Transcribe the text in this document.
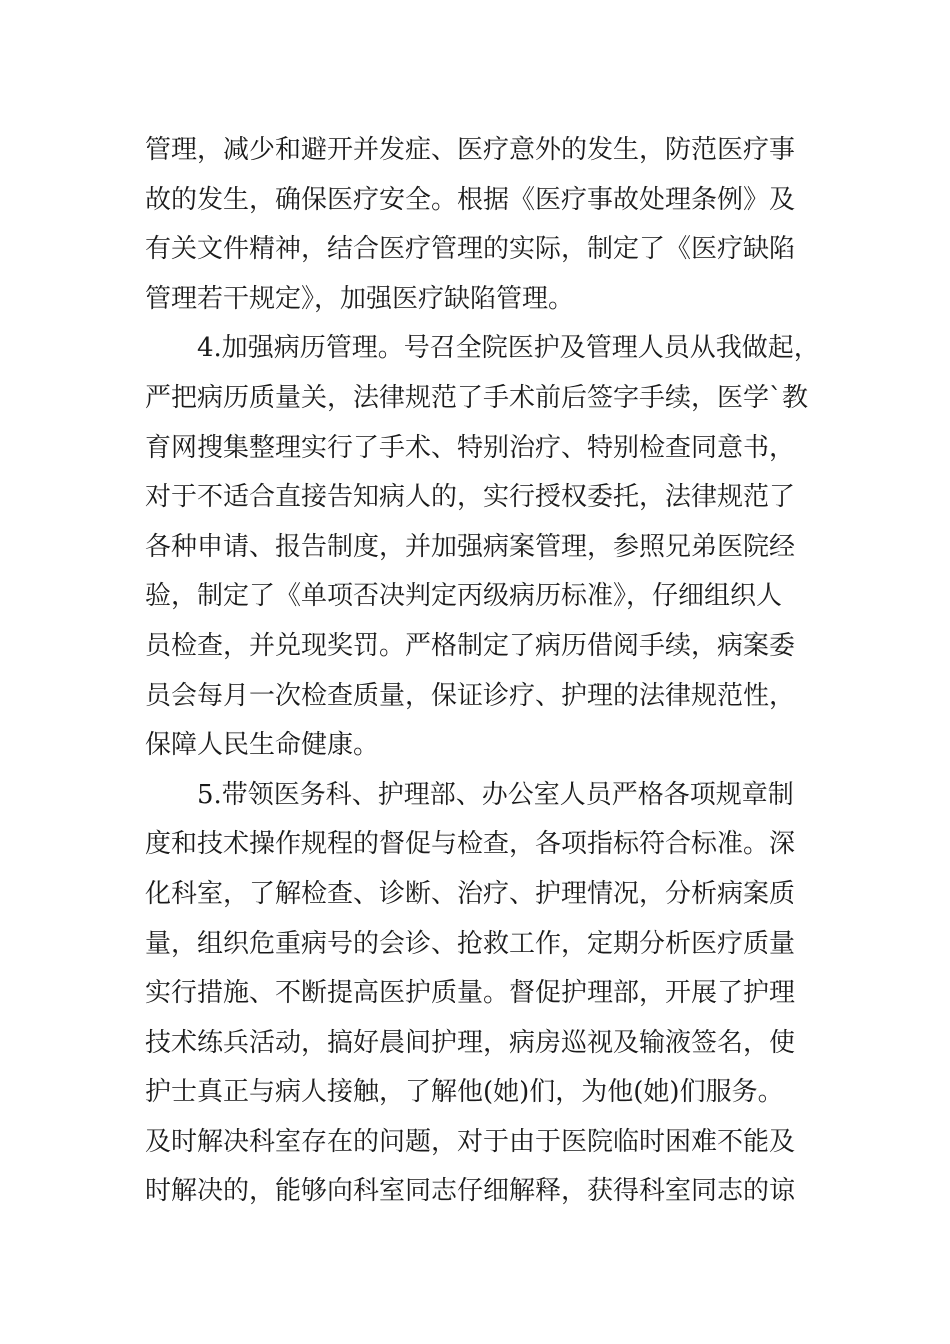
管理，减少和避开并发症、医疗意外的发生，防范医疗事
故的发生，确保医疗安全。根据《医疗事故处理条例》及
有关文件精神，结合医疗管理的实际，制定了《医疗缺陷
管理若干规定》，加强医疗缺陷管理。
4.加强病历管理。号召全院医护及管理人员从我做起，
严把病历质量关，法律规范了手术前后签字手续，医学`教
育网搜集整理实行了手术、特别治疗、特别检查同意书，
对于不适合直接告知病人的，实行授权委托，法律规范了
各种申请、报告制度，并加强病案管理，参照兄弟医院经
验，制定了《单项否决判定丙级病历标准》，仔细组织人
员检查，并兑现奖罚。严格制定了病历借阅手续，病案委
员会每月一次检查质量，保证诊疗、护理的法律规范性，
保障人民生命健康。
5.带领医务科、护理部、办公室人员严格各项规章制
度和技术操作规程的督促与检查，各项指标符合标准。深
化科室，了解检查、诊断、治疗、护理情况，分析病案质
量，组织危重病号的会诊、抢救工作，定期分析医疗质量
实行措施、不断提高医护质量。督促护理部，开展了护理
技术练兵活动，搞好晨间护理，病房巡视及输液签名，使
护士真正与病人接触，了解他(她)们，为他(她)们服务。
及时解决科室存在的问题，对于由于医院临时困难不能及
时解决的，能够向科室同志仔细解释，获得科室同志的谅
